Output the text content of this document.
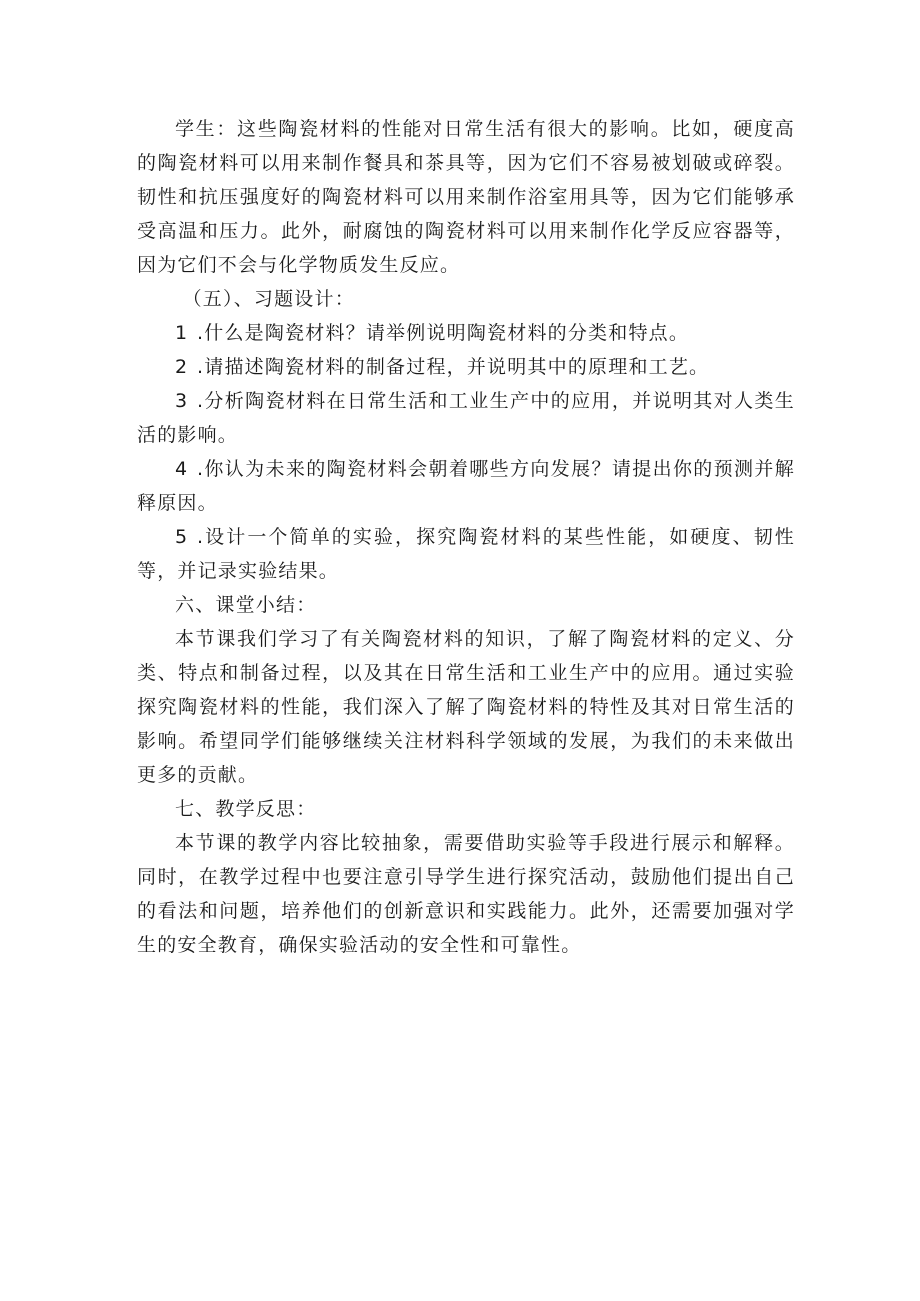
学生：这些陶瓷材料的性能对日常生活有很大的影响。比如，硬度高的陶瓷材料可以用来制作餐具和茶具等，因为它们不容易被划破或碎裂。韧性和抗压强度好的陶瓷材料可以用来制作浴室用具等，因为它们能够承受高温和压力。此外，耐腐蚀的陶瓷材料可以用来制作化学反应容器等，因为它们不会与化学物质发生反应。

（五）、习题设计：

1 .什么是陶瓷材料？请举例说明陶瓷材料的分类和特点。

2 .请描述陶瓷材料的制备过程，并说明其中的原理和工艺。

3 .分析陶瓷材料在日常生活和工业生产中的应用，并说明其对人类生活的影响。

4 .你认为未来的陶瓷材料会朝着哪些方向发展？请提出你的预测并解释原因。

5 .设计一个简单的实验，探究陶瓷材料的某些性能，如硬度、韧性等，并记录实验结果。

六、课堂小结：

本节课我们学习了有关陶瓷材料的知识，了解了陶瓷材料的定义、分类、特点和制备过程，以及其在日常生活和工业生产中的应用。通过实验探究陶瓷材料的性能，我们深入了解了陶瓷材料的特性及其对日常生活的影响。希望同学们能够继续关注材料科学领域的发展，为我们的未来做出更多的贡献。

七、教学反思：

本节课的教学内容比较抽象，需要借助实验等手段进行展示和解释。同时，在教学过程中也要注意引导学生进行探究活动，鼓励他们提出自己的看法和问题，培养他们的创新意识和实践能力。此外，还需要加强对学生的安全教育，确保实验活动的安全性和可靠性。
